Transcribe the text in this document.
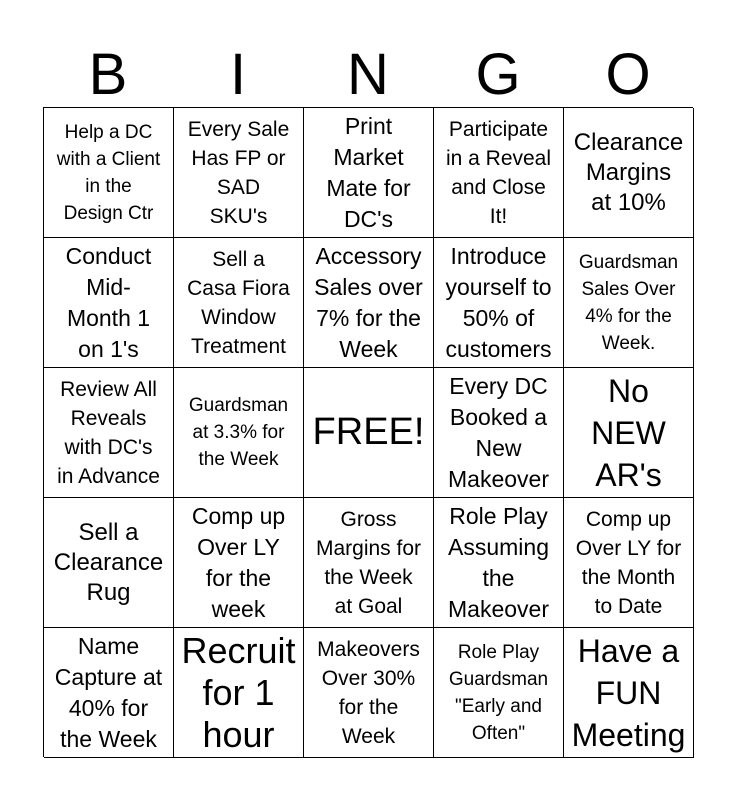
B	I	N	G	O
Help a DC
with a Client
in the
Design Ctr
Every Sale
Has FP or
SAD
SKU's
Print
Market
Mate for
DC's
Participate
in a Reveal
and Close
It!
Clearance
Margins
at 10%
Conduct
Mid-
Month 1
on 1's
Sell a
Casa Fiora
Window
Treatment
Accessory
Sales over
7% for the
Week
Introduce
yourself to
50% of
customers
Guardsman
Sales Over
4% for the
Week.
Review All
Reveals
with DC's
in Advance
Guardsman
at 3.3% for
the Week
FREE!
Every DC
Booked a
New
Makeover
No
NEW
AR's
Sell a
Clearance
Rug
Comp up
Over LY
for the
week
Gross
Margins for
the Week
at Goal
Role Play
Assuming
the
Makeover
Comp up
Over LY for
the Month
to Date
Name
Capture at
40% for
the Week
Recruit
for 1
hour
Makeovers
Over 30%
for the
Week
Role Play
Guardsman
"Early and
Often"
Have a
FUN
Meeting
